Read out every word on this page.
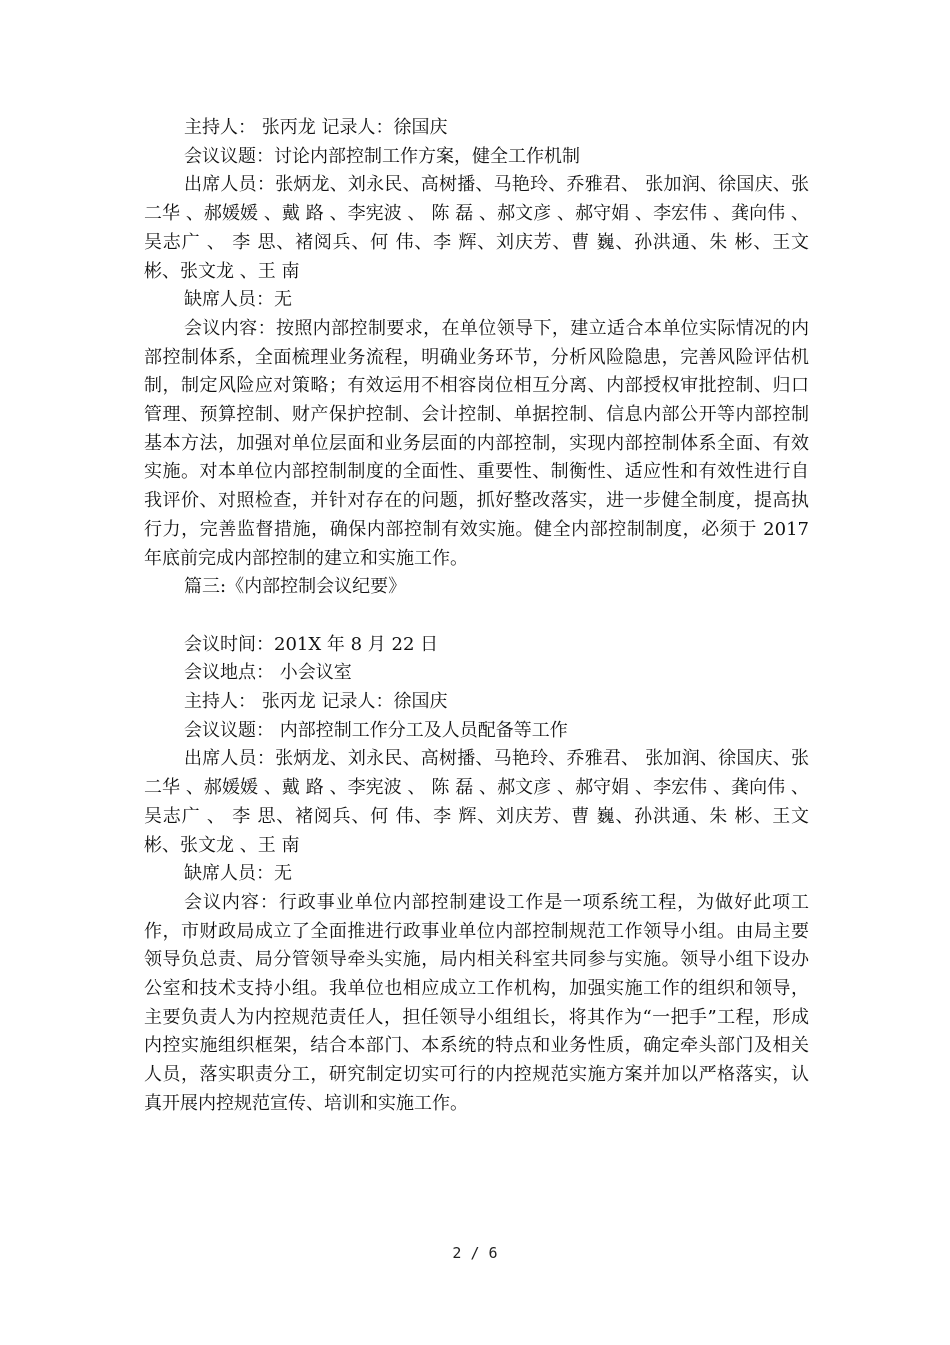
主持人： 张丙龙 记录人：徐国庆

会议议题：讨论内部控制工作方案，健全工作机制

出席人员：张炳龙、刘永民、高树播、马艳玲、乔雅君、 张加润、徐国庆、张二华 、郝媛媛 、戴 路 、李宪波 、 陈 磊 、郝文彦 、郝守娟 、李宏伟 、龚向伟 、吴志广 、 李 思、褚阅兵、何 伟、李 辉、刘庆芳、曹 巍、孙洪通、朱 彬、王文彬、张文龙 、王 南

缺席人员：无

会议内容：按照内部控制要求，在单位领导下，建立适合本单位实际情况的内部控制体系，全面梳理业务流程，明确业务环节，分析风险隐患，完善风险评估机制，制定风险应对策略；有效运用不相容岗位相互分离、内部授权审批控制、归口管理、预算控制、财产保护控制、会计控制、单据控制、信息内部公开等内部控制基本方法，加强对单位层面和业务层面的内部控制，实现内部控制体系全面、有效实施。对本单位内部控制制度的全面性、重要性、制衡性、适应性和有效性进行自我评价、对照检查，并针对存在的问题，抓好整改落实，进一步健全制度，提高执行力，完善监督措施，确保内部控制有效实施。健全内部控制制度，必须于 2017 年底前完成内部控制的建立和实施工作。

篇三:《内部控制会议纪要》

会议时间：201X 年 8 月 22 日

会议地点： 小会议室

主持人： 张丙龙 记录人：徐国庆

会议议题： 内部控制工作分工及人员配备等工作

出席人员：张炳龙、刘永民、高树播、马艳玲、乔雅君、 张加润、徐国庆、张二华 、郝媛媛 、戴 路 、李宪波 、 陈 磊 、郝文彦 、郝守娟 、李宏伟 、龚向伟 、吴志广 、 李 思、褚阅兵、何 伟、李 辉、刘庆芳、曹 巍、孙洪通、朱 彬、王文彬、张文龙 、王 南

缺席人员：无

会议内容：行政事业单位内部控制建设工作是一项系统工程，为做好此项工作，市财政局成立了全面推进行政事业单位内部控制规范工作领导小组。由局主要领导负总责、局分管领导牵头实施，局内相关科室共同参与实施。领导小组下设办公室和技术支持小组。我单位也相应成立工作机构，加强实施工作的组织和领导，主要负责人为内控规范责任人，担任领导小组组长，将其作为“一把手”工程，形成内控实施组织框架，结合本部门、本系统的特点和业务性质，确定牵头部门及相关人员，落实职责分工，研究制定切实可行的内控规范实施方案并加以严格落实，认真开展内控规范宣传、培训和实施工作。

2 / 6
